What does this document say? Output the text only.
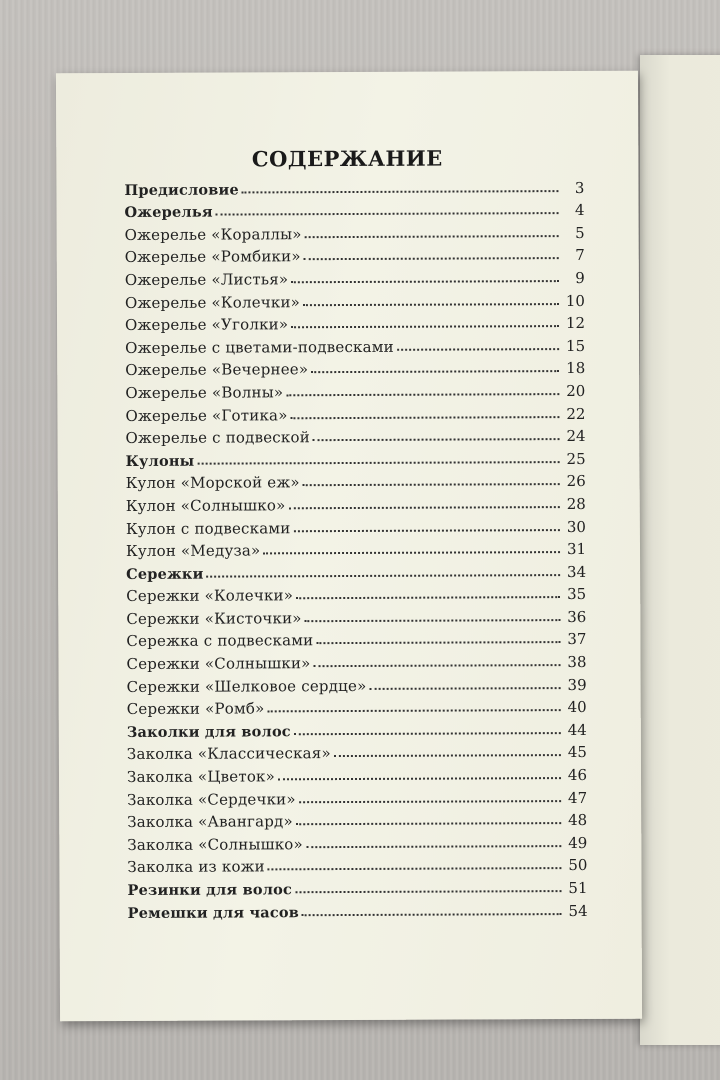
СОДЕРЖАНИЕ
Предисловие	3
Ожерелья	4
Ожерелье «Кораллы»	5
Ожерелье «Ромбики»	7
Ожерелье «Листья»	9
Ожерелье «Колечки»	10
Ожерелье «Уголки»	12
Ожерелье с цветами-подвесками	15
Ожерелье «Вечернее»	18
Ожерелье «Волны»	20
Ожерелье «Готика»	22
Ожерелье с подвеской	24
Кулоны	25
Кулон «Морской еж»	26
Кулон «Солнышко»	28
Кулон с подвесками	30
Кулон «Медуза»	31
Сережки	34
Сережки «Колечки»	35
Сережки «Кисточки»	36
Сережка с подвесками	37
Сережки «Солнышки»	38
Сережки «Шелковое сердце»	39
Сережки «Ромб»	40
Заколки для волос	44
Заколка «Классическая»	45
Заколка «Цветок»	46
Заколка «Сердечки»	47
Заколка «Авангард»	48
Заколка «Солнышко»	49
Заколка из кожи	50
Резинки для волос	51
Ремешки для часов	54
